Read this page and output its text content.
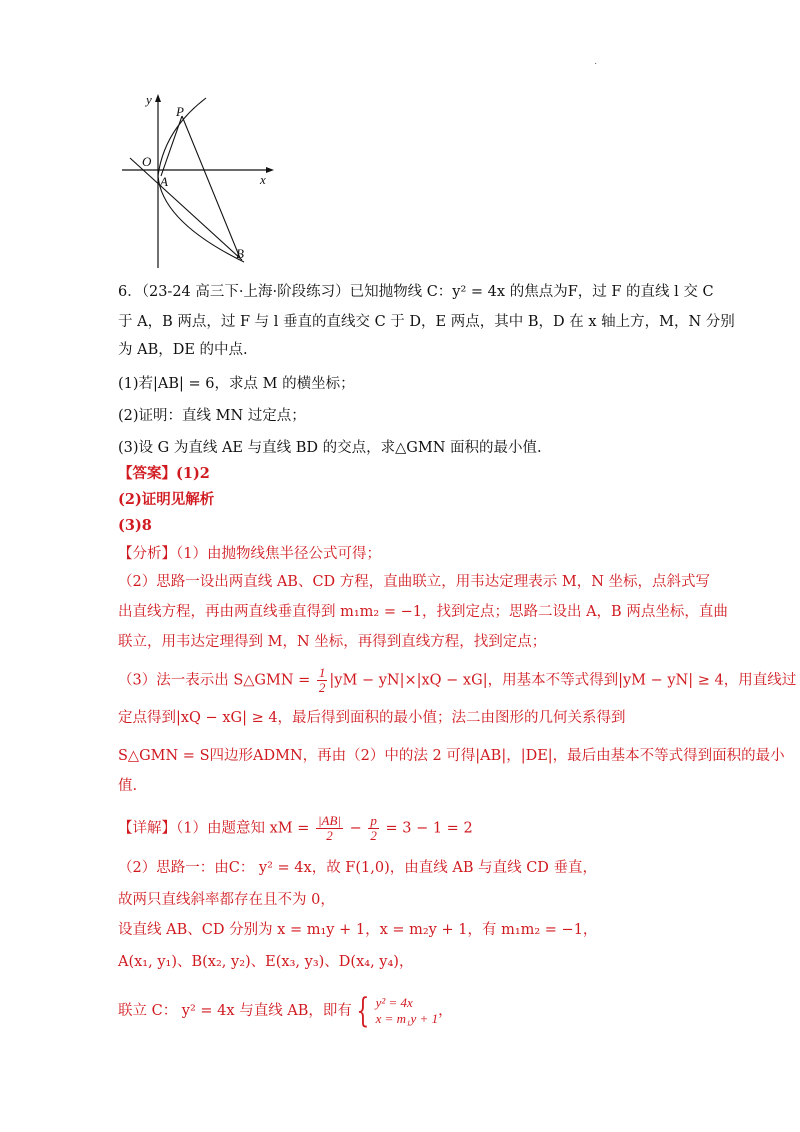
·
y
x
O
P
A
B
6．（23-24 高三下·上海·阶段练习）已知抛物线 C：y² = 4x 的焦点为F，过 F 的直线 l 交 C
于 A，B 两点，过 F 与 l 垂直的直线交 C 于 D，E 两点，其中 B，D 在 x 轴上方，M，N 分别
为 AB，DE 的中点.
(1)若|AB| = 6，求点 M 的横坐标；
(2)证明：直线 MN 过定点；
(3)设 G 为直线 AE 与直线 BD 的交点，求△GMN 面积的最小值.
【答案】(1)2
(2)证明见解析
(3)8
【分析】（1）由抛物线焦半径公式可得；
（2）思路一设出两直线 AB、CD 方程，直曲联立，用韦达定理表示 M，N 坐标，点斜式写
出直线方程，再由两直线垂直得到 m₁m₂ = −1，找到定点；思路二设出 A，B 两点坐标，直曲
联立，用韦达定理得到 M，N 坐标，再得到直线方程，找到定点；
（3）法一表示出 S△GMN = $\frac{1}{2} |yM - yN|\times|xQ - xG|$，用基本不等式得到|yM − yN| ≥ 4，用直线过
定点得到|xQ − xG| ≥ 4，最后得到面积的最小值；法二由图形的几何关系得到
S△GMN = S四边形ADMN，再由（2）中的法 2 可得|AB|，|DE|，最后由基本不等式得到面积的最小
值.
【详解】（1）由题意知 xM = $\frac{|AB|}{2} - \frac{p}{2} = 3 - 1 = 2$
（2）思路一：由C： y² = 4x，故 F(1,0)，由直线 AB 与直线 CD 垂直，
故两只直线斜率都存在且不为 0，
设直线 AB、CD 分别为 x = m₁y + 1，x = m₂y + 1，有 m₁m₂ = −1，
A(x₁, y₁)、B(x₂, y₂)、E(x₃, y₃)、D(x₄, y₄)，
联立 C： y² = 4x 与直线 AB，即有 { y² = 4x
x = m₁y + 1 ，
